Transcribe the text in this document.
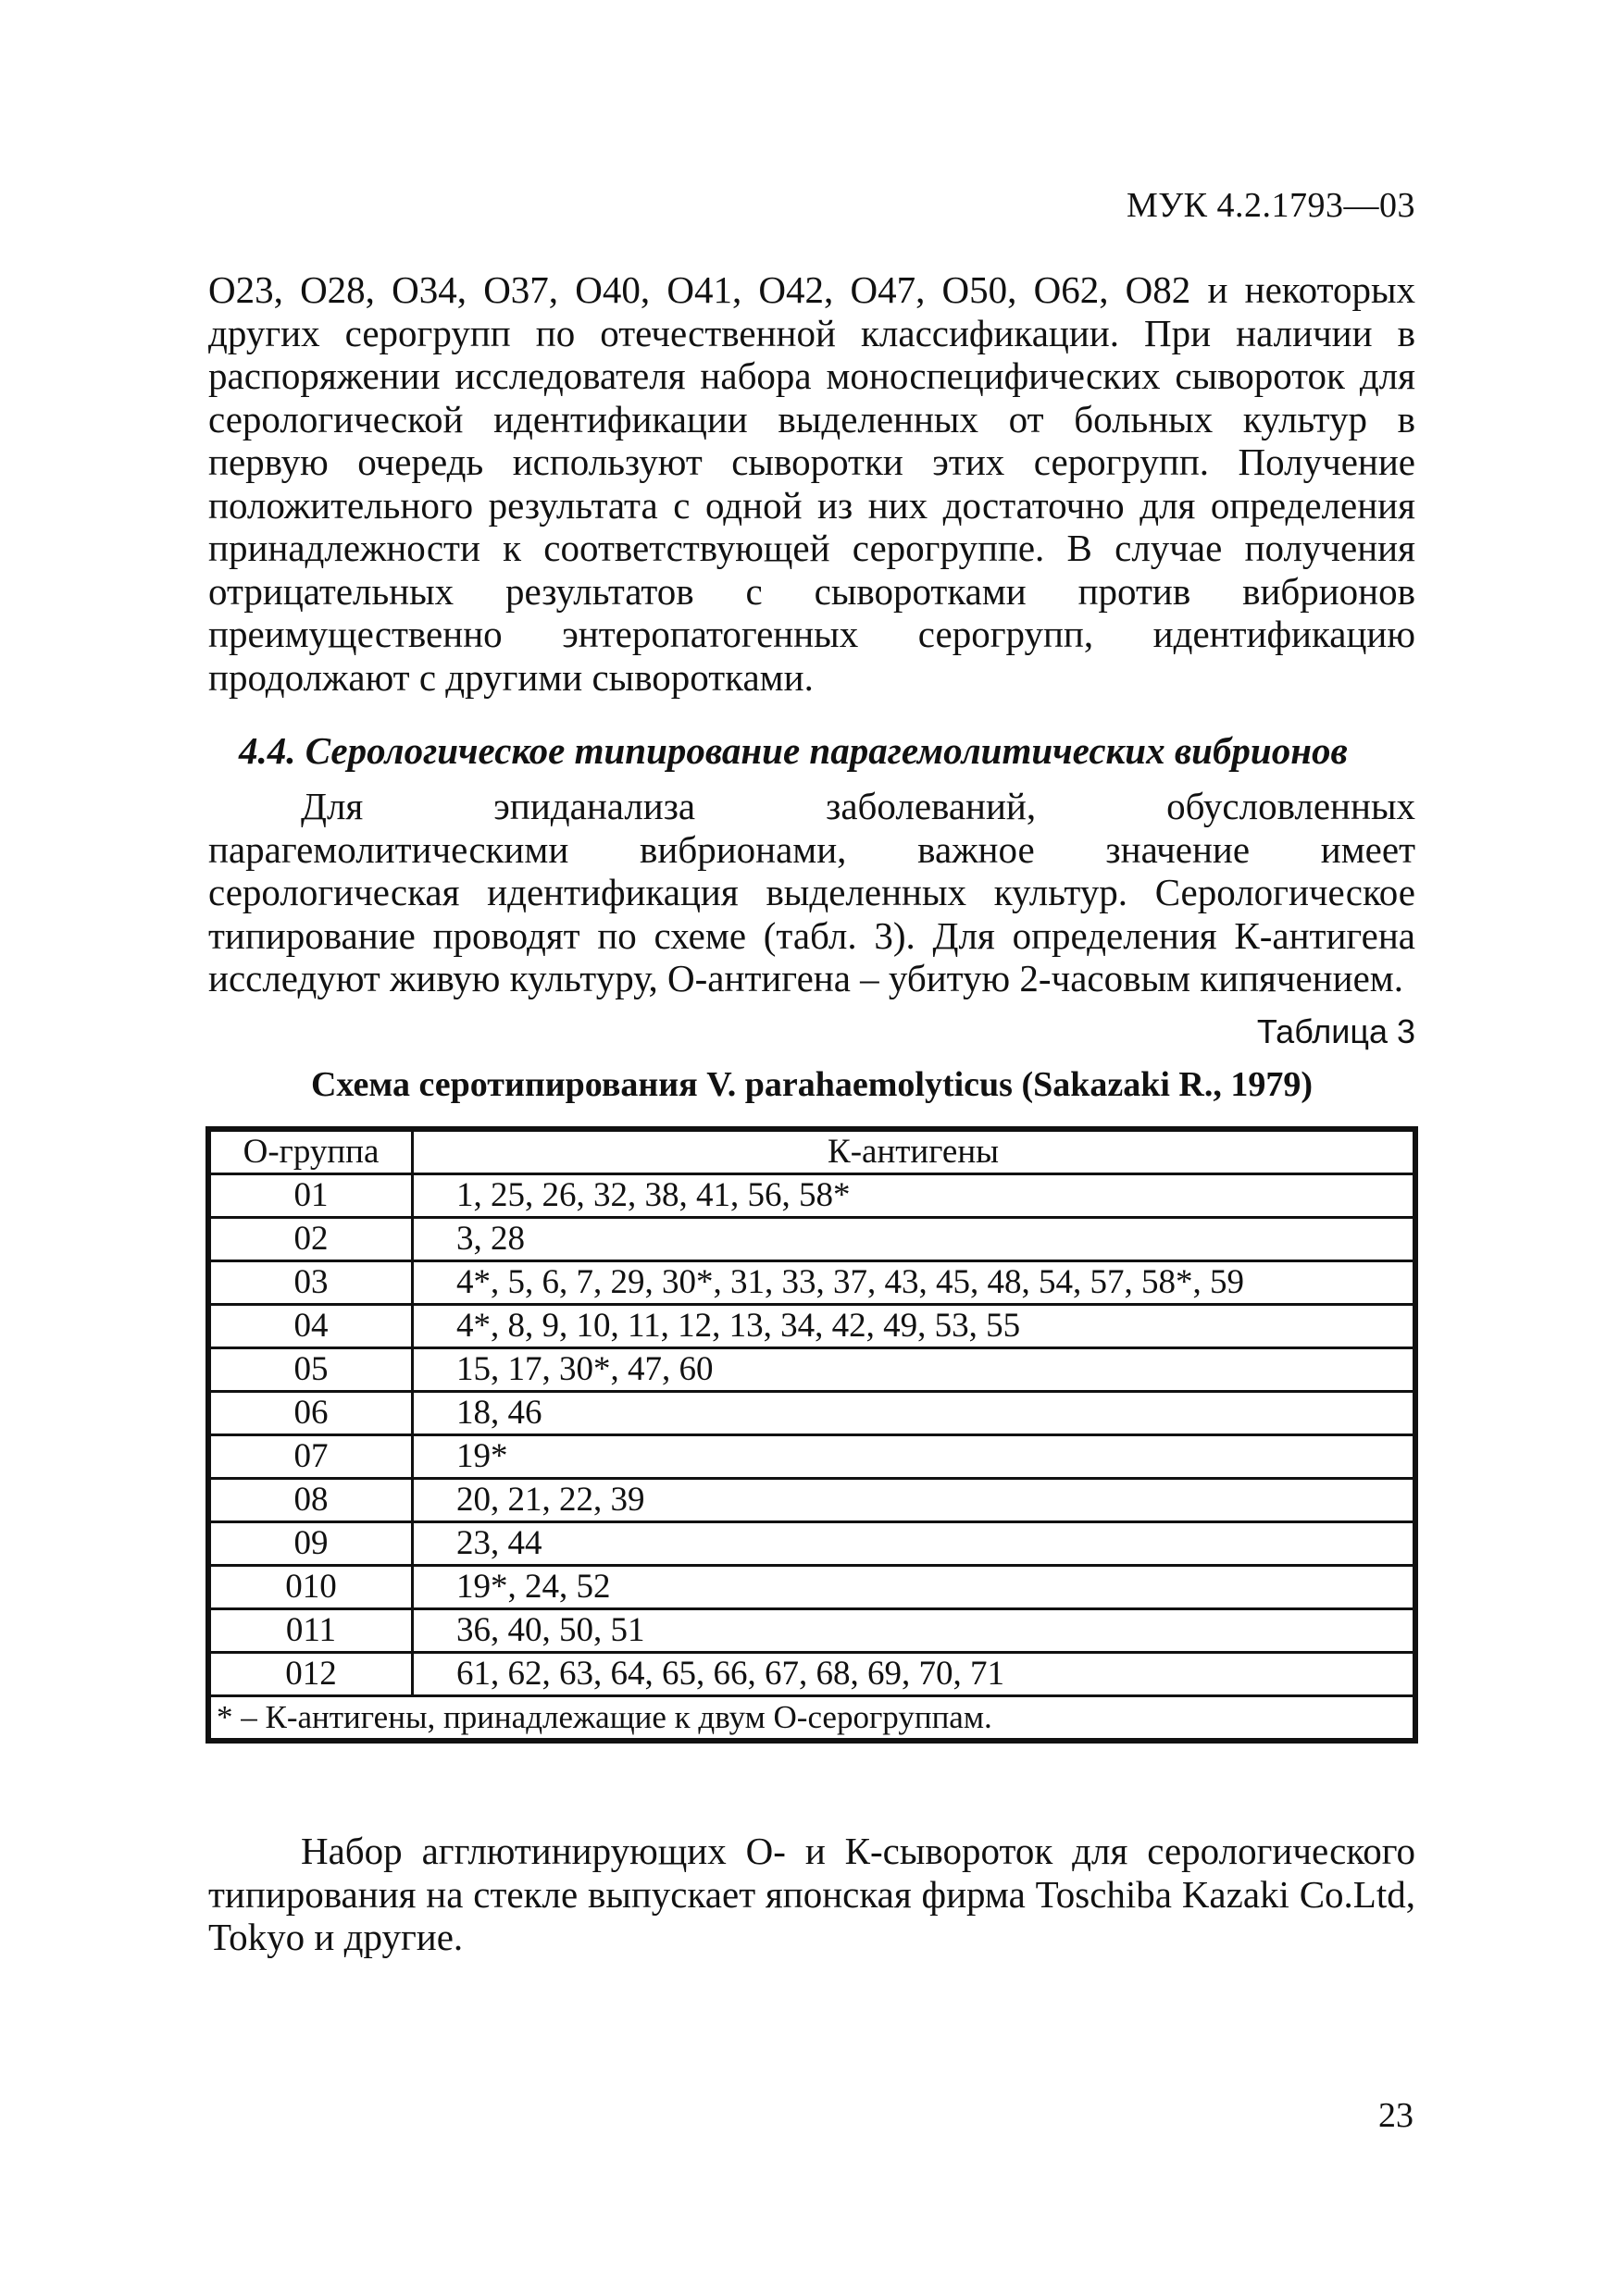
МУК 4.2.1793—03
О23, О28, О34, О37, О40, О41, О42, О47, О50, О62, О82 и некоторых других серогрупп по отечественной классификации. При наличии в распоряжении исследователя набора моноспецифических сывороток для серологической идентификации выделенных от больных культур в первую очередь используют сыворотки этих серогрупп. Получение положительного результата с одной из них достаточно для определения принадлежности к соответствующей серогруппе. В случае получения отрицательных результатов с сыворотками против вибрионов преимущественно энтеропатогенных серогрупп, идентификацию продолжают с другими сыворотками.
4.4. Серологическое типирование парагемолитических вибрионов
Для эпиданализа заболеваний, обусловленных парагемолитическими вибрионами, важное значение имеет серологическая идентификация выделенных культур. Серологическое типирование проводят по схеме (табл. 3). Для определения К-антигена исследуют живую культуру, О-антигена – убитую 2-часовым кипячением.
Таблица 3
Схема серотипирования V. parahaemolyticus (Sakazaki R., 1979)
О-группа	К-антигены
01	1, 25, 26, 32, 38, 41, 56, 58*
02	3, 28
03	4*, 5, 6, 7, 29, 30*, 31, 33, 37, 43, 45, 48, 54, 57, 58*, 59
04	4*, 8, 9, 10, 11, 12, 13, 34, 42, 49, 53, 55
05	15, 17, 30*, 47, 60
06	18, 46
07	19*
08	20, 21, 22, 39
09	23, 44
010	19*, 24, 52
011	36, 40, 50, 51
012	61, 62, 63, 64, 65, 66, 67, 68, 69, 70, 71
* – К-антигены, принадлежащие к двум О-серогруппам.	
Набор агглютинирующих О- и К-сывороток для серологического типирования на стекле выпускает японская фирма Toschiba Kazaki Co.Ltd, Tokyo и другие.
23
